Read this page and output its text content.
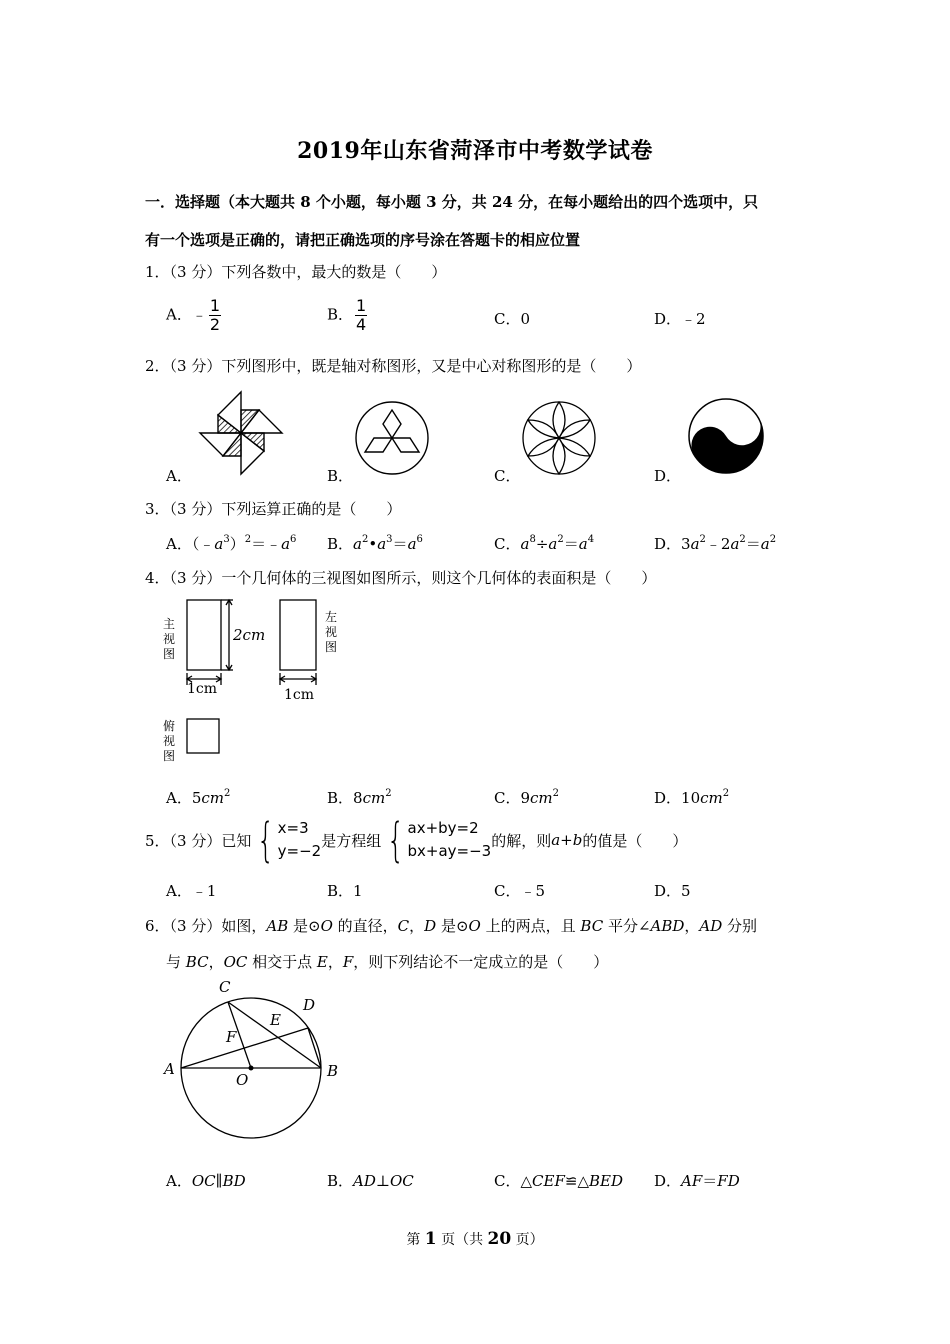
2019年山东省菏泽市中考数学试卷
一．选择题（本大题共 8 个小题，每小题 3 分，共 24 分，在每小题给出的四个选项中，只
有一个选项是正确的，请把正确选项的序号涂在答题卡的相应位置
1．（3 分）下列各数中，最大的数是（　　）
A．﹣ $\frac{1}{2}$	B． $\frac{1}{4}$	C．0	D．﹣2
2．（3 分）下列图形中，既是轴对称图形，又是中心对称图形的是（　　）
A．	B．	C．	D．
3．（3 分）下列运算正确的是（　　）
A．$(﹣a^3)^2=﹣a^6$ B．$a^2•a^3=a^6$	C．$a^8\div a^2=a^4$	D．$3a^2﹣2a^2=a^2$
4．（3 分）一个几何体的三视图如图所示，则这个几何体的表面积是（　　）
主视图
左视图
俯视图
2cm
1cm	1cm
A．$5cm^2$	B．$8cm^2$	C．$9cm^2$	D．$10cm^2$
5．（3 分）已知 { x=3
y=−2
是方程组 { ax+by=2
bx+ay=−3
的解，则 a+b 的值是（　　）
A．﹣1	B．1	C．﹣5	D．5
6．（3 分）如图，AB 是⊙O 的直径，C，D 是⊙O 上的两点，且 BC 平分∠ABD，AD 分别
与 BC，OC 相交于点 E，F，则下列结论不一定成立的是（　　）
C
D
E
F
A	B
O
A．OC∥BD	B．AD⊥OC	C．△CEF≌△BED D．AF＝FD
第 1 页（共 20 页）
